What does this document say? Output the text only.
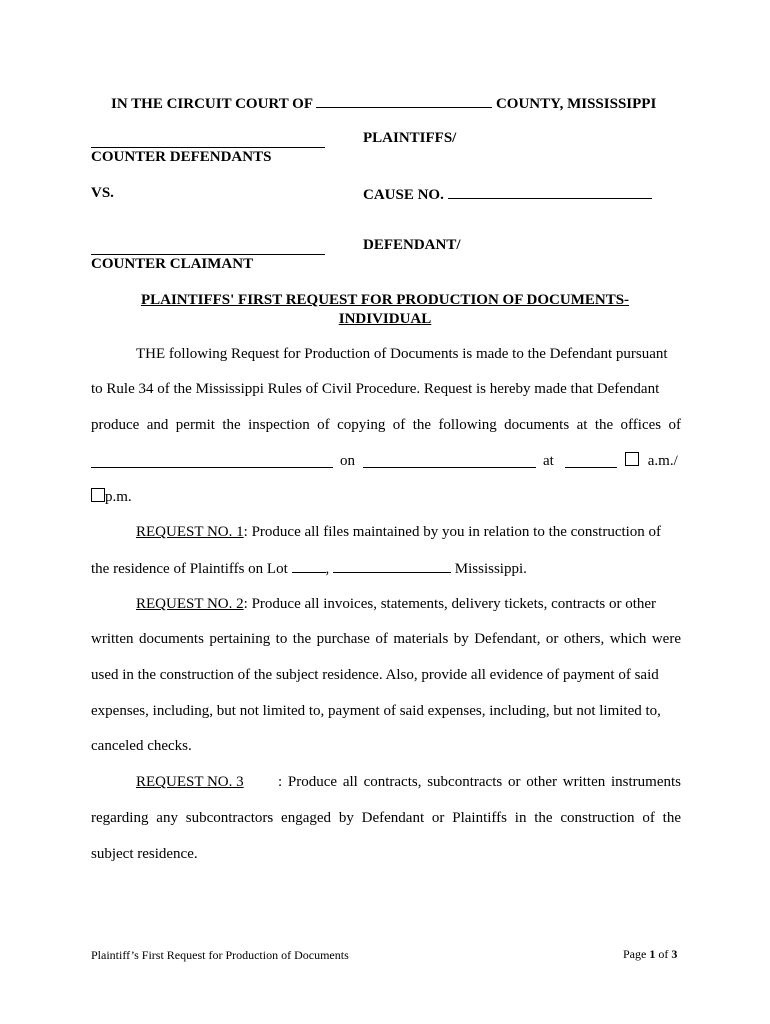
IN THE CIRCUIT COURT OF	COUNTY, MISSISSIPPI
PLAINTIFFS/
COUNTER DEFENDANTS
VS.	CAUSE NO.
DEFENDANT/
COUNTER CLAIMANT
PLAINTIFFS' FIRST REQUEST FOR PRODUCTION OF DOCUMENTS-
INDIVIDUAL
THE following Request for Production of Documents is made to the Defendant pursuant
to Rule 34 of the Mississippi Rules of Civil Procedure. Request is hereby made that Defendant
produce and permit the inspection of copying of the following documents at the offices of
on	at	a.m./
p.m.
REQUEST NO. 1: Produce all files maintained by you in relation to the construction of
the residence of Plaintiffs on Lot	,	Mississippi.
REQUEST NO. 2: Produce all invoices, statements, delivery tickets, contracts or other
written documents pertaining to the purchase of materials by Defendant, or others, which were
used in the construction of the subject residence. Also, provide all evidence of payment of said
expenses, including, but not limited to, payment of said expenses, including, but not limited to,
canceled checks.
REQUEST NO. 3 : Produce all contracts, subcontracts or other written instruments
regarding any subcontractors engaged by Defendant or Plaintiffs in the construction of the
subject residence.
Plaintiff’s First Request for Production of Documents	Page 1 of 3
